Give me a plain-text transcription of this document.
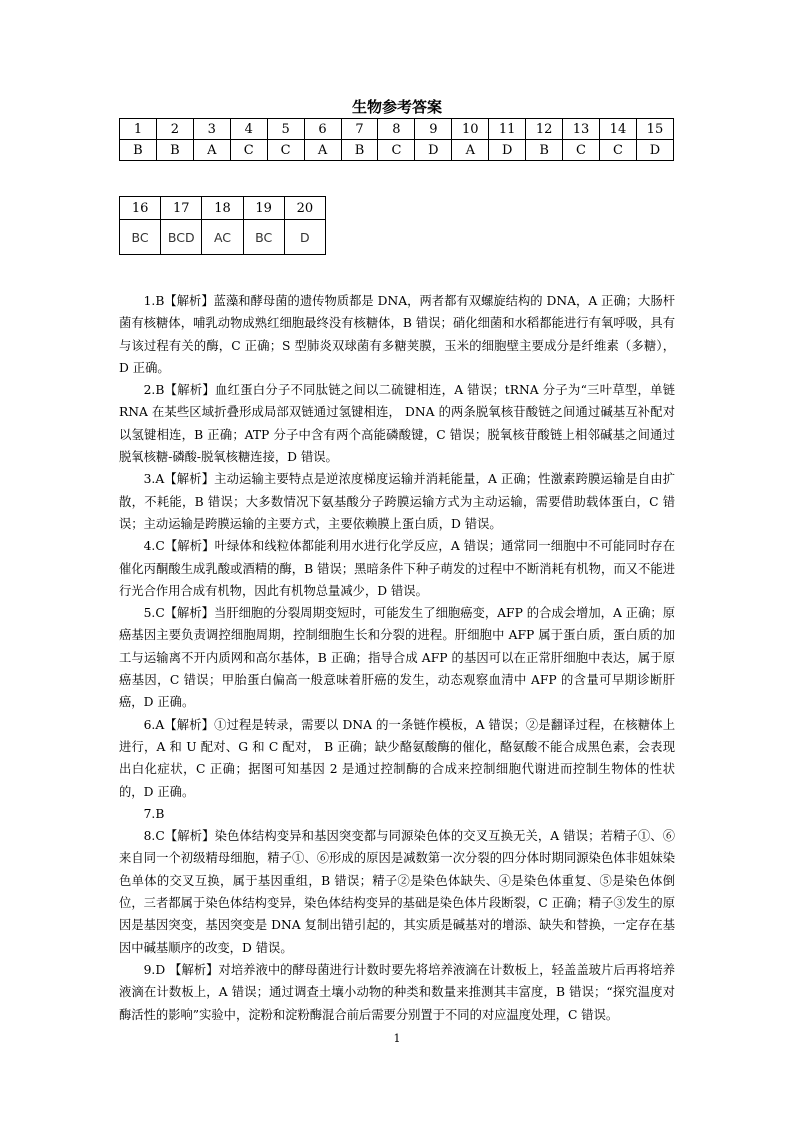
生物参考答案
1	2	3	4	5	6	7	8	9	10	11	12	13	14	15
B	B	A	C	C	A	B	C	D	A	D	B	C	C	D
16	17	18	19	20
BC	BCD	AC	BC	D

1.B【解析】蓝藻和酵母菌的遗传物质都是 DNA，两者都有双螺旋结构的 DNA，A 正确；大肠杆菌有核糖体，哺乳动物成熟红细胞最终没有核糖体，B 错误；硝化细菌和水稻都能进行有氧呼吸，具有与该过程有关的酶，C 正确；S 型肺炎双球菌有多糖荚膜，玉米的细胞壁主要成分是纤维素（多糖），D 正确。

2.B【解析】血红蛋白分子不同肽链之间以二硫键相连，A 错误；tRNA 分子为“三叶草型，单链 RNA 在某些区域折叠形成局部双链通过氢键相连， DNA 的两条脱氧核苷酸链之间通过碱基互补配对以氢键相连，B 正确；ATP 分子中含有两个高能磷酸键，C 错误；脱氧核苷酸链上相邻碱基之间通过脱氧核糖-磷酸-脱氧核糖连接，D 错误。

3.A【解析】主动运输主要特点是逆浓度梯度运输并消耗能量，A 正确；性激素跨膜运输是自由扩散，不耗能，B 错误；大多数情况下氨基酸分子跨膜运输方式为主动运输，需要借助载体蛋白，C 错误；主动运输是跨膜运输的主要方式，主要依赖膜上蛋白质，D 错误。

4.C【解析】叶绿体和线粒体都能利用水进行化学反应，A 错误；通常同一细胞中不可能同时存在催化丙酮酸生成乳酸或酒精的酶，B 错误；黑暗条件下种子萌发的过程中不断消耗有机物，而又不能进行光合作用合成有机物，因此有机物总量减少，D 错误。

5.C【解析】当肝细胞的分裂周期变短时，可能发生了细胞癌变，AFP 的合成会增加，A 正确；原癌基因主要负责调控细胞周期，控制细胞生长和分裂的进程。肝细胞中 AFP 属于蛋白质，蛋白质的加工与运输离不开内质网和高尔基体，B 正确；指导合成 AFP 的基因可以在正常肝细胞中表达，属于原癌基因，C 错误；甲胎蛋白偏高一般意味着肝癌的发生，动态观察血清中 AFP 的含量可早期诊断肝癌，D 正确。

6.A【解析】①过程是转录，需要以 DNA 的一条链作模板，A 错误；②是翻译过程，在核糖体上进行，A 和 U 配对、G 和 C 配对， B 正确；缺少酪氨酸酶的催化，酪氨酸不能合成黑色素，会表现出白化症状，C 正确；据图可知基因 2 是通过控制酶的合成来控制细胞代谢进而控制生物体的性状的，D 正确。

7.B

8.C【解析】染色体结构变异和基因突变都与同源染色体的交叉互换无关，A 错误；若精子①、⑥来自同一个初级精母细胞，精子①、⑥形成的原因是减数第一次分裂的四分体时期同源染色体非姐妹染色单体的交叉互换，属于基因重组，B 错误；精子②是染色体缺失、④是染色体重复、⑤是染色体倒位，三者都属于染色体结构变异，染色体结构变异的基础是染色体片段断裂，C 正确；精子③发生的原因是基因突变，基因突变是 DNA 复制出错引起的，其实质是碱基对的增添、缺失和替换，一定存在基因中碱基顺序的改变，D 错误。

9.D 【解析】对培养液中的酵母菌进行计数时要先将培养液滴在计数板上，轻盖盖玻片后再将培养液滴在计数板上，A 错误；通过调查土壤小动物的种类和数量来推测其丰富度，B 错误；“探究温度对酶活性的影响”实验中，淀粉和淀粉酶混合前后需要分别置于不同的对应温度处理，C 错误。

1
